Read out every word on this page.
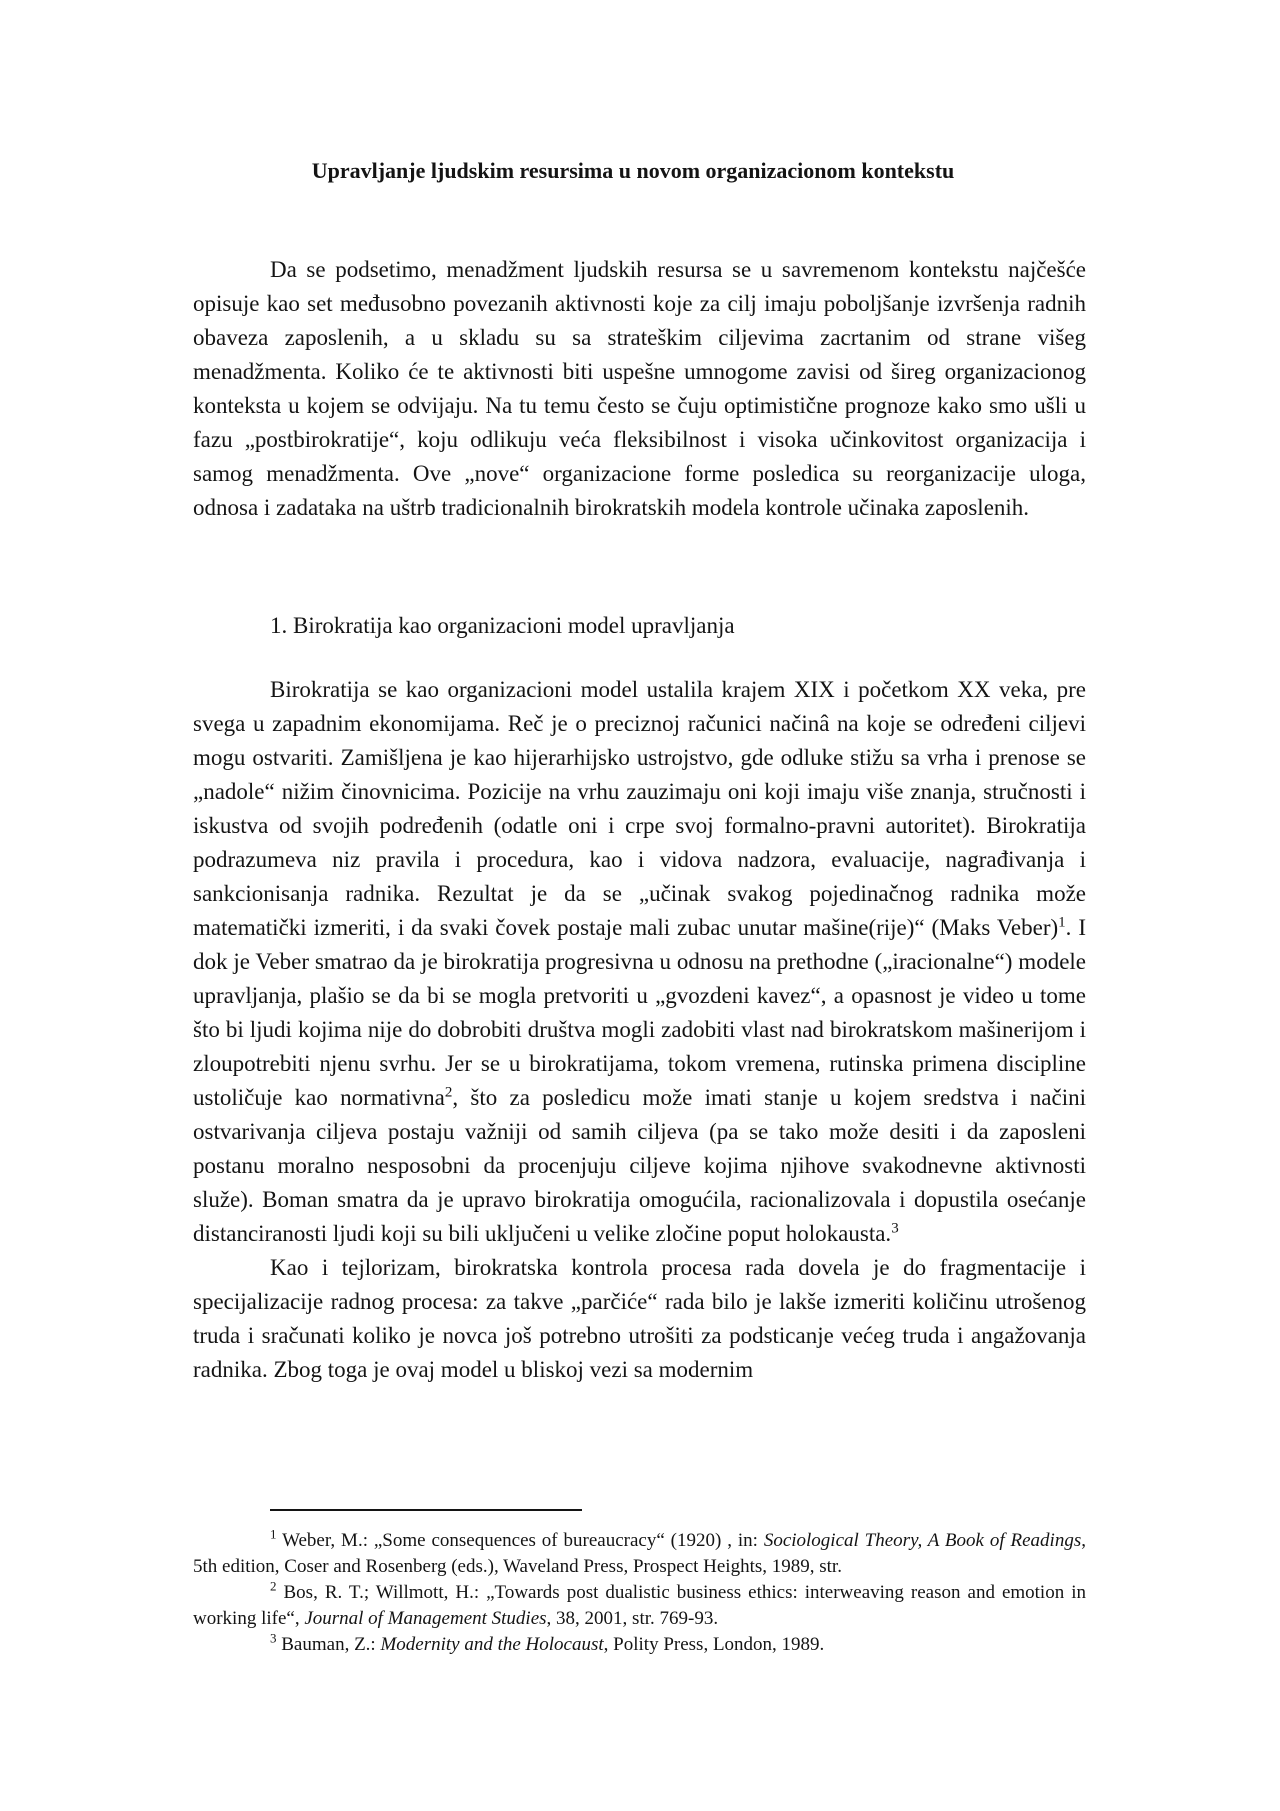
Upravljanje ljudskim resursima u novom organizacionom kontekstu

Da se podsetimo, menadžment ljudskih resursa se u savremenom kontekstu najčešće opisuje kao set međusobno povezanih aktivnosti koje za cilj imaju poboljšanje izvršenja radnih obaveza zaposlenih, a u skladu su sa strateškim ciljevima zacrtanim od strane višeg menadžmenta. Koliko će te aktivnosti biti uspešne umnogome zavisi od šireg organizacionog konteksta u kojem se odvijaju. Na tu temu često se čuju optimistične prognoze kako smo ušli u fazu „postbirokratije“, koju odlikuju veća fleksibilnost i visoka učinkovitost organizacija i samog menadžmenta. Ove „nove“ organizacione forme posledica su reorganizacije uloga, odnosa i zadataka na uštrb tradicionalnih birokratskih modela kontrole učinaka zaposlenih.

1. Birokratija kao organizacioni model upravljanja

Birokratija se kao organizacioni model ustalila krajem XIX i početkom XX veka, pre svega u zapadnim ekonomijama. Reč je o preciznoj računici načinâ na koje se određeni ciljevi mogu ostvariti. Zamišljena je kao hijerarhijsko ustrojstvo, gde odluke stižu sa vrha i prenose se „nadole“ nižim činovnicima. Pozicije na vrhu zauzimaju oni koji imaju više znanja, stručnosti i iskustva od svojih podređenih (odatle oni i crpe svoj formalno-pravni autoritet). Birokratija podrazumeva niz pravila i procedura, kao i vidova nadzora, evaluacije, nagrađivanja i sankcionisanja radnika. Rezultat je da se „učinak svakog pojedinačnog radnika može matematički izmeriti, i da svaki čovek postaje mali zubac unutar mašine(rije)“ (Maks Veber)$^1$. I dok je Veber smatrao da je birokratija progresivna u odnosu na prethodne („iracionalne“) modele upravljanja, plašio se da bi se mogla pretvoriti u „gvozdeni kavez“, a opasnost je video u tome što bi ljudi kojima nije do dobrobiti društva mogli zadobiti vlast nad birokratskom mašinerijom i zloupotrebiti njenu svrhu. Jer se u birokratijama, tokom vremena, rutinska primena discipline ustoličuje kao normativna$^2$, što za posledicu može imati stanje u kojem sredstva i načini ostvarivanja ciljeva postaju važniji od samih ciljeva (pa se tako može desiti i da zaposleni postanu moralno nesposobni da procenjuju ciljeve kojima njihove svakodnevne aktivnosti služe). Boman smatra da je upravo birokratija omogućila, racionalizovala i dopustila osećanje distanciranosti ljudi koji su bili uključeni u velike zločine poput holokausta.$^3$

Kao i tejlorizam, birokratska kontrola procesa rada dovela je do fragmentacije i specijalizacije radnog procesa: za takve „parčiće“ rada bilo je lakše izmeriti količinu utrošenog truda i sračunati koliko je novca još potrebno utrošiti za podsticanje većeg truda i angažovanja radnika. Zbog toga je ovaj model u bliskoj vezi sa modernim

$^1$ Weber, M.: „Some consequences of bureaucracy“ (1920) , in: Sociological Theory, A Book of Readings, 5th edition, Coser and Rosenberg (eds.), Waveland Press, Prospect Heights, 1989, str.

$^2$ Bos, R. T.; Willmott, H.: „Towards post dualistic business ethics: interweaving reason and emotion in working life“, Journal of Management Studies, 38, 2001, str. 769-93.

$^3$ Bauman, Z.: Modernity and the Holocaust, Polity Press, London, 1989.
